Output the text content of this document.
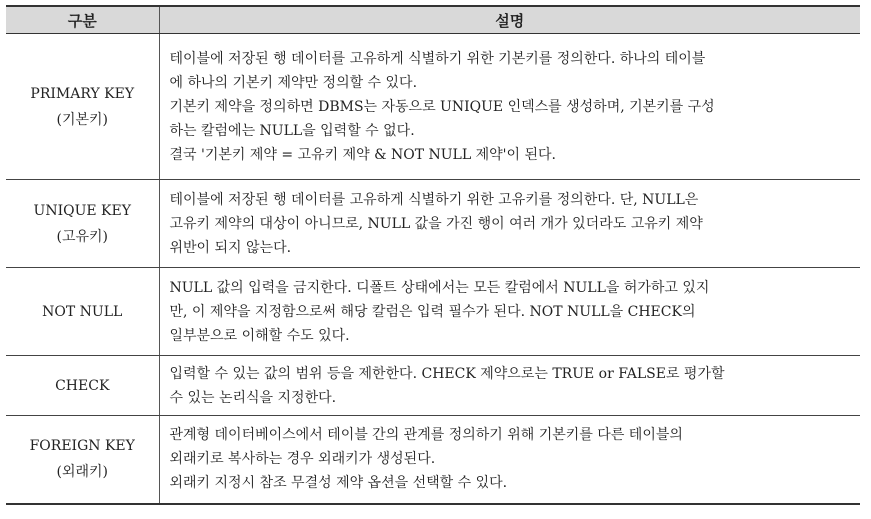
구분	설명

PRIMARY KEY
(기본키)	테이블에 저장된 행 데이터를 고유하게 식별하기 위한 기본키를 정의한다. 하나의 테이블
에 하나의 기본키 제약만 정의할 수 있다.
기본키 제약을 정의하면 DBMS는 자동으로 UNIQUE 인덱스를 생성하며, 기본키를 구성
하는 칼럼에는 NULL을 입력할 수 없다.
결국 '기본키 제약 = 고유키 제약 & NOT NULL 제약'이 된다.

UNIQUE KEY
(고유키)	테이블에 저장된 행 데이터를 고유하게 식별하기 위한 고유키를 정의한다. 단, NULL은
고유키 제약의 대상이 아니므로, NULL 값을 가진 행이 여러 개가 있더라도 고유키 제약
위반이 되지 않는다.

NOT NULL	NULL 값의 입력을 금지한다. 디폴트 상태에서는 모든 칼럼에서 NULL을 허가하고 있지
만, 이 제약을 지정함으로써 해당 칼럼은 입력 필수가 된다. NOT NULL을 CHECK의
일부분으로 이해할 수도 있다.

CHECK	입력할 수 있는 값의 범위 등을 제한한다. CHECK 제약으로는 TRUE or FALSE로 평가할
수 있는 논리식을 지정한다.

FOREIGN KEY
(외래키)	관계형 데이터베이스에서 테이블 간의 관계를 정의하기 위해 기본키를 다른 테이블의
외래키로 복사하는 경우 외래키가 생성된다.
외래키 지정시 참조 무결성 제약 옵션을 선택할 수 있다.
